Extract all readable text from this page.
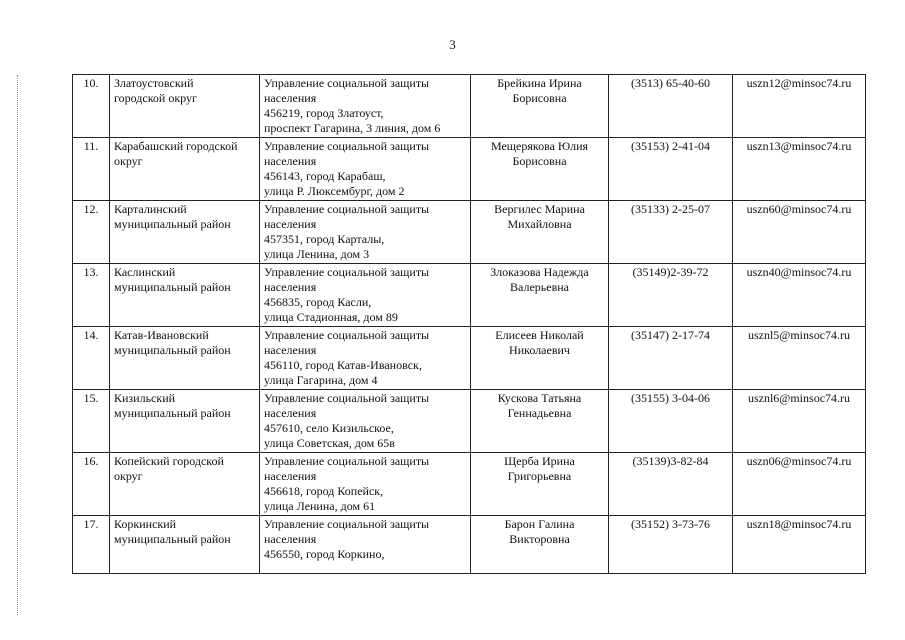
3
10.	Златоустовский
городской округ	Управление социальной защиты
населения
456219, город Златоуст,
проспект Гагарина, 3 линия, дом 6	Брейкина Ирина
Борисовна	(3513) 65-40-60	uszn12@minsoc74.ru
11.	Карабашский городской
округ	Управление социальной защиты
населения
456143, город Карабаш,
улица Р. Люксембург, дом 2	Мещерякова Юлия
Борисовна	(35153) 2-41-04	uszn13@minsoc74.ru
12.	Карталинский
муниципальный район	Управление социальной защиты
населения
457351, город Карталы,
улица Ленина, дом 3	Вергилес Марина
Михайловна	(35133) 2-25-07	uszn60@minsoc74.ru
13.	Каслинский
муниципальный район	Управление социальной защиты
населения
456835, город Касли,
улица Стадионная, дом 89	Злоказова Надежда
Валерьевна	(35149)2-39-72	uszn40@minsoc74.ru
14.	Катав-Ивановский
муниципальный район	Управление социальной защиты
населения
456110, город Катав-Ивановск,
улица Гагарина, дом 4	Елисеев Николай
Николаевич	(35147) 2-17-74	usznl5@minsoc74.ru
15.	Кизильский
муниципальный район	Управление социальной защиты
населения
457610, село Кизильское,
улица Советская, дом 65в	Кускова Татьяна
Геннадьевна	(35155) 3-04-06	usznl6@minsoc74.ru
16.	Копейский городской
округ	Управление социальной защиты
населения
456618, город Копейск,
улица Ленина, дом 61	Щерба Ирина
Григорьевна	(35139)3-82-84	uszn06@minsoc74.ru
17.	Коркинский
муниципальный район	Управление социальной защиты
населения
456550, город Коркино,	Барон Галина
Викторовна	(35152) 3-73-76	uszn18@minsoc74.ru
